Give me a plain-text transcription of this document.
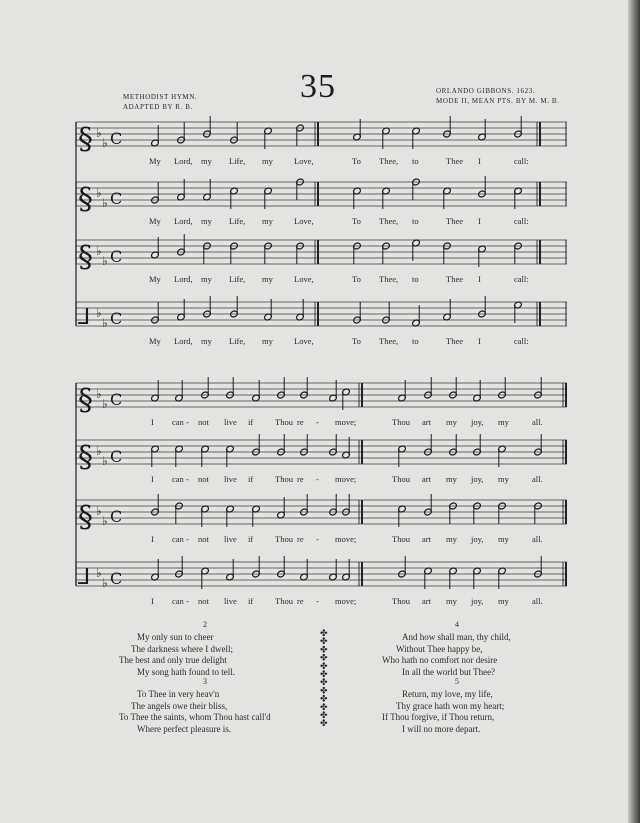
METHODIST HYMN.
ADAPTED BY R. B.
35	ORLANDO GIBBONS. 1623.
MODE II, MEAN PTS. BY M. M. B.
§ ♭
♭ C
§ ♭
♭ C
§ ♭
♭ C
⅃ ♭
♭ C
§ ♭
♭ C
§ ♭
♭ C
§ ♭
♭ C
⅃ ♭
♭ C
✤
✤
✤
✤
✤
✤
✤
✤
✤
✤
✤
✤
My Lord, my Life, my Love,	To Thee, to	Thee I	call:
My Lord, my Life, my Love,	To Thee, to	Thee I	call:
My Lord, my Life, my Love,	To Thee, to	Thee I	call:
My Lord, my Life, my Love,	To Thee, to	Thee I	call:
I can - not live if	Thou re - move;	Thou art my joy, my	all.
I can - not live if	Thou re - move;	Thou art my joy, my	all.
I can - not live if	Thou re - move;	Thou art my joy, my	all.
I can - not live if	Thou re - move;	Thou art my joy, my	all.
2
My only sun to cheer
The darkness where I dwell;
The best and only true delight
My song hath found to tell.
3
To Thee in very heav'n
The angels owe their bliss,
To Thee the saints, whom Thou hast call'd
Where perfect pleasure is.
4
And how shall man, thy child,
Without Thee happy be,
Who hath no comfort nor desire
In all the world but Thee?
5
Return, my love, my life,
Thy grace hath won my heart;
If Thou forgive, if Thou return,
I will no more depart.
